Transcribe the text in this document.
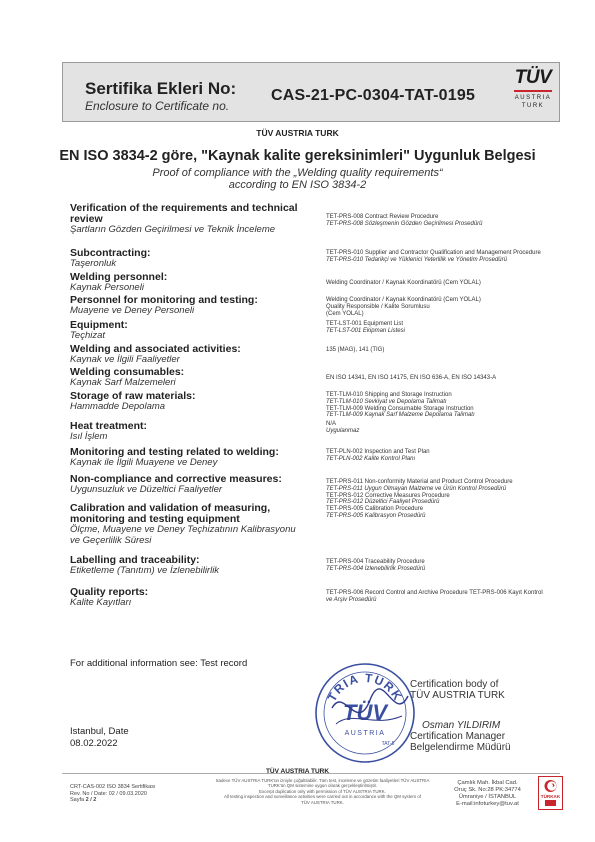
Sertifika Ekleri No:
Enclosure to Certificate no.
CAS-21-PC-0304-TAT-0195
TÜV
AUSTRIA
TURK
TÜV AUSTRIA TURK
EN ISO 3834-2 göre, "Kaynak kalite gereksinimleri" Uygunluk Belgesi
Proof of compliance with the „Welding quality requirements“
according to EN ISO 3834-2
Verification of the requirements and technical review
Şartların Gözden Geçirilmesi ve Teknik İnceleme
TET-PRS-008 Contract Review Procedure
TET-PRS-008 Sözleşmenin Gözden Geçirilmesi Prosedürü
Subcontracting:
Taşeronluk
TET-PRS-010 Supplier and Contractor Qualification and Management Procedure
TET-PRS-010 Tedarikçi ve Yüklenici Yeterlilik ve Yönetim Prosedürü
Welding personnel:
Kaynak Personeli	Welding Coordinator / Kaynak Koordinatörü (Cem YOLAL)
Personnel for monitoring and testing:
Muayene ve Deney Personeli
Welding Coordinator / Kaynak Koordinatörü (Cem YOLAL)
Quality Responsible / Kalite Sorumlusu
(Cem YOLAL)
Equipment:
Teçhizat
TET-LST-001 Equipment List
TET-LST-001 Ekipman Listesi
Welding and associated activities:
Kaynak ve İlgili Faaliyetler
135 (MAG), 141 (TIG)
Welding consumables:
Kaynak Sarf Malzemeleri	EN ISO 14341, EN ISO 14175, EN ISO 636-A, EN ISO 14343-A
Storage of raw materials:
Hammadde Depolama
TET-TLM-010 Shipping and Storage Instruction
TET-TLM-010 Sevkiyat ve Depolama Talimatı
TET-TLM-009 Welding Consumable Storage Instruction
TET-TLM-009 Kaynak Sarf Malzeme Depolama Talimatı
Heat treatment:
Isıl İşlem
N/A
Uygulanmaz
Monitoring and testing related to welding:
Kaynak ile İlgili Muayene ve Deney
TET-PLN-002 Inspection and Test Plan
TET-PLN-002 Kalite Kontrol Planı
Non-compliance and corrective measures:
Uygunsuzluk ve Düzeltici Faaliyetler
TET-PRS-011 Non-conformity Material and Product Control Procedure
TET-PRS-011 Uygun Olmayan Malzeme ve Ürün Kontrol Prosedürü
TET-PRS-012 Corrective Measures Procedure
TET-PRS-012 Düzeltici Faaliyet Prosedürü
TET-PRS-005 Calibration Procedure
TET-PRS-005 Kalibrasyon Prosedürü
Calibration and validation of measuring, monitoring and testing equipment
Ölçme, Muayene ve Deney Teçhizatının Kalibrasyonu ve Geçerlilik Süresi
Labelling and traceability:
Etiketleme (Tanıtım) ve İzlenebilirlik
TET-PRS-004 Traceability Procedure
TET-PRS-004 İzlenebilirlik Prosedürü
Quality reports:
Kalite Kayıtları
TET-PRS-006 Record Control and Archive Procedure TET-PRS-006 Kayıt Kontrol
ve Arşiv Prosedürü
For additional information see: Test record
TRIA TURK
TÜV
AUSTRIA
TAT-5
Certification body of
TÜV AUSTRIA TURK
Osman YILDIRIM
Certification Manager
Belgelendirme Müdürü
Istanbul, Date
08.02.2022
TÜV AUSTRIA TURK
CRT-CAS-002 ISO 3834 Sertifikası
Rev. No / Date: 02 / 09.03.2020
Sayfa 2 / 2
Sadece TÜV AUSTRIA TURK'ün izniyle çoğaltılabilir. Tüm test, inceleme ve gözetim faaliyetleri TÜV AUSTRIA
TURK'ün QM sistemine uygun olarak gerçekleştirilmiştir.
Excerpt duplication only with permission of TÜV AUSTRIA TURK.
All testing inspection and surveillance activities were carried out in accordance with the QM system of
TÜV AUSTRIA TURK.
Çamlık Mah. İkbal Cad.
Oruç Sk. No:28 PK:34774
Ümraniye / İSTANBUL
E-mail:infoturkey@tuv.at
TÜRKAK
